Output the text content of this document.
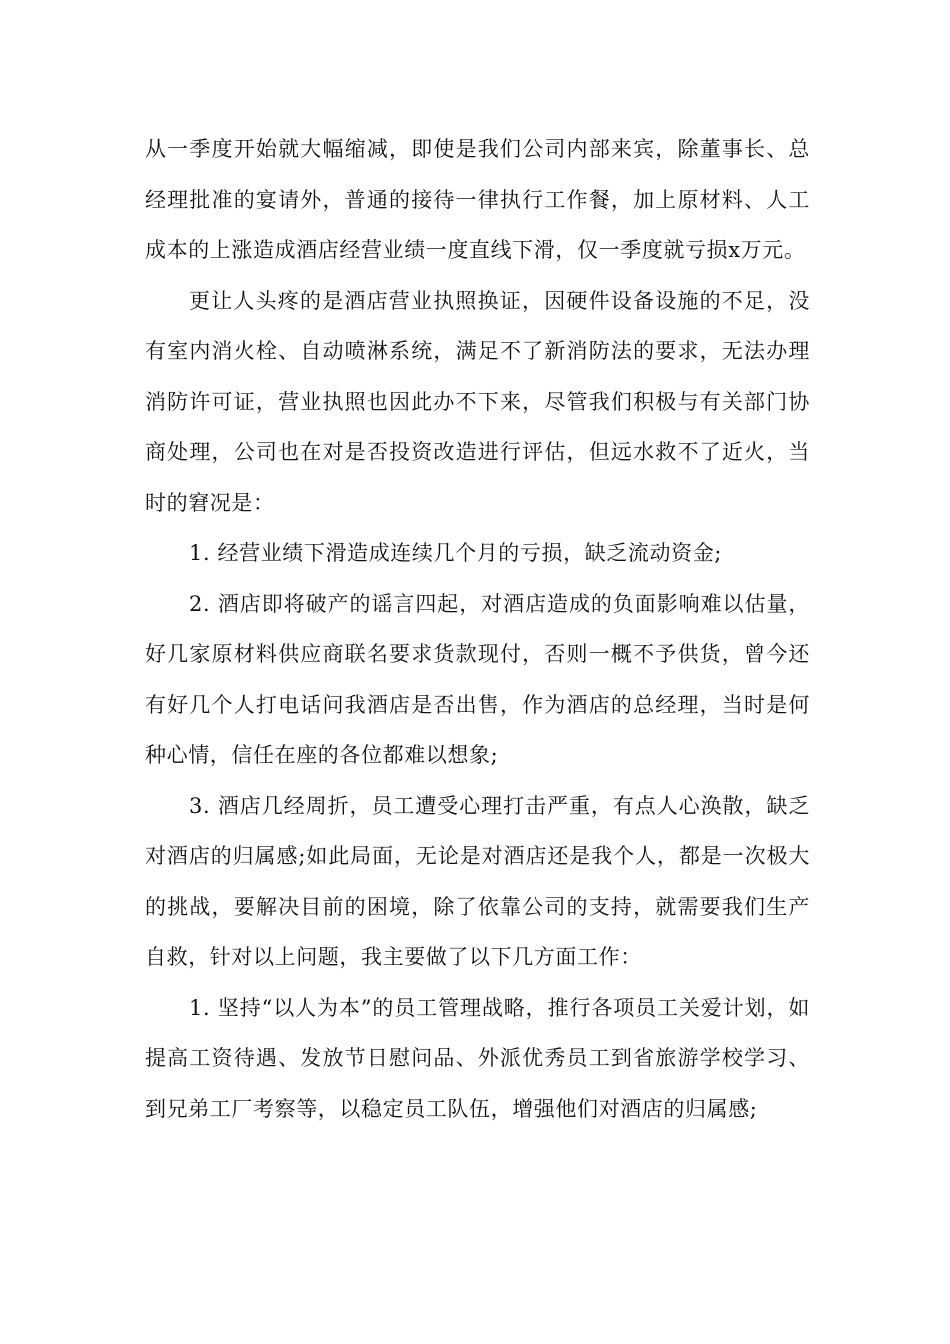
从一季度开始就大幅缩减，即使是我们公司内部来宾，除董事长、总经理批准的宴请外，普通的接待一律执行工作餐，加上原材料、人工成本的上涨造成酒店经营业绩一度直线下滑，仅一季度就亏损x万元。

更让人头疼的是酒店营业执照换证，因硬件设备设施的不足，没有室内消火栓、自动喷淋系统，满足不了新消防法的要求，无法办理消防许可证，营业执照也因此办不下来，尽管我们积极与有关部门协商处理，公司也在对是否投资改造进行评估，但远水救不了近火，当时的窘况是：

1. 经营业绩下滑造成连续几个月的亏损，缺乏流动资金;

2. 酒店即将破产的谣言四起，对酒店造成的负面影响难以估量，好几家原材料供应商联名要求货款现付，否则一概不予供货，曾今还有好几个人打电话问我酒店是否出售，作为酒店的总经理，当时是何种心情，信任在座的各位都难以想象;

3. 酒店几经周折，员工遭受心理打击严重，有点人心涣散，缺乏对酒店的归属感;如此局面，无论是对酒店还是我个人，都是一次极大的挑战，要解决目前的困境，除了依靠公司的支持，就需要我们生产自救，针对以上问题，我主要做了以下几方面工作：

1. 坚持“以人为本”的员工管理战略，推行各项员工关爱计划，如提高工资待遇、发放节日慰问品、外派优秀员工到省旅游学校学习、到兄弟工厂考察等，以稳定员工队伍，增强他们对酒店的归属感;
